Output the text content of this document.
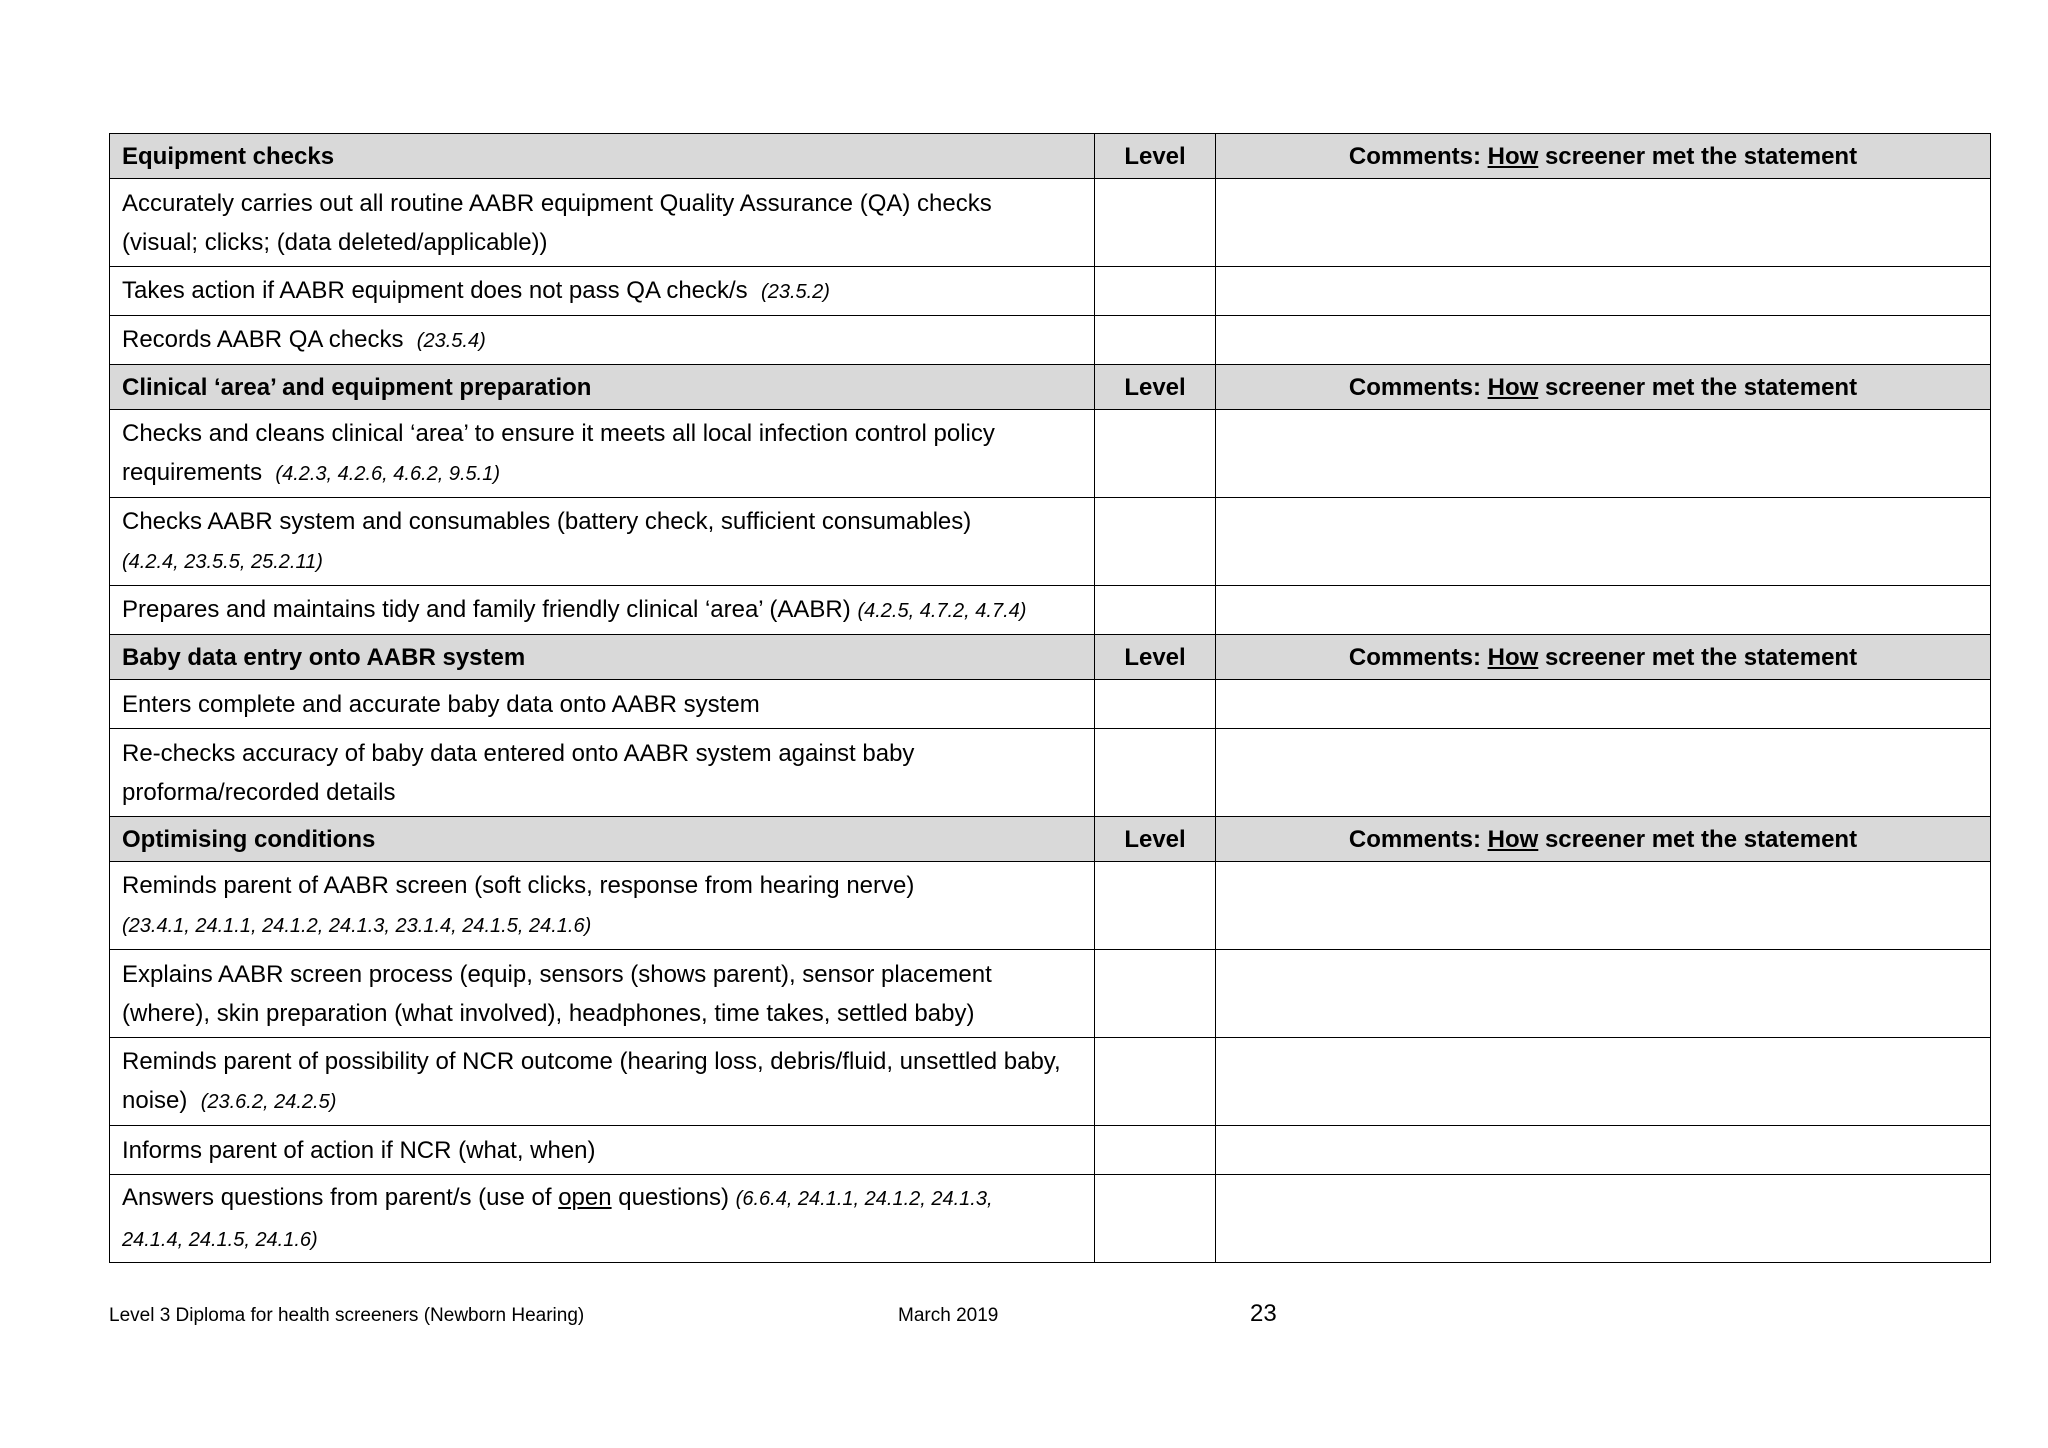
Equipment checks	Level	Comments: How screener met the statement
Accurately carries out all routine AABR equipment Quality Assurance (QA) checks
(visual; clicks; (data deleted/applicable))		
Takes action if AABR equipment does not pass QA check/s (23.5.2)		
Records AABR QA checks (23.5.4)		
Clinical ‘area’ and equipment preparation	Level	Comments: How screener met the statement
Checks and cleans clinical ‘area’ to ensure it meets all local infection control policy
requirements (4.2.3, 4.2.6, 4.6.2, 9.5.1)		
Checks AABR system and consumables (battery check, sufficient consumables)
(4.2.4, 23.5.5, 25.2.11)		
Prepares and maintains tidy and family friendly clinical ‘area’ (AABR) (4.2.5, 4.7.2, 4.7.4)		
Baby data entry onto AABR system	Level	Comments: How screener met the statement
Enters complete and accurate baby data onto AABR system		
Re-checks accuracy of baby data entered onto AABR system against baby
proforma/recorded details		
Optimising conditions	Level	Comments: How screener met the statement
Reminds parent of AABR screen (soft clicks, response from hearing nerve)
(23.4.1, 24.1.1, 24.1.2, 24.1.3, 23.1.4, 24.1.5, 24.1.6)		
Explains AABR screen process (equip, sensors (shows parent), sensor placement
(where), skin preparation (what involved), headphones, time takes, settled baby)		
Reminds parent of possibility of NCR outcome (hearing loss, debris/fluid, unsettled baby,
noise) (23.6.2, 24.2.5)		
Informs parent of action if NCR (what, when)		
Answers questions from parent/s (use of open questions) (6.6.4, 24.1.1, 24.1.2, 24.1.3,
24.1.4, 24.1.5, 24.1.6)		
Level 3 Diploma for health screeners (Newborn Hearing)	March 2019	23
